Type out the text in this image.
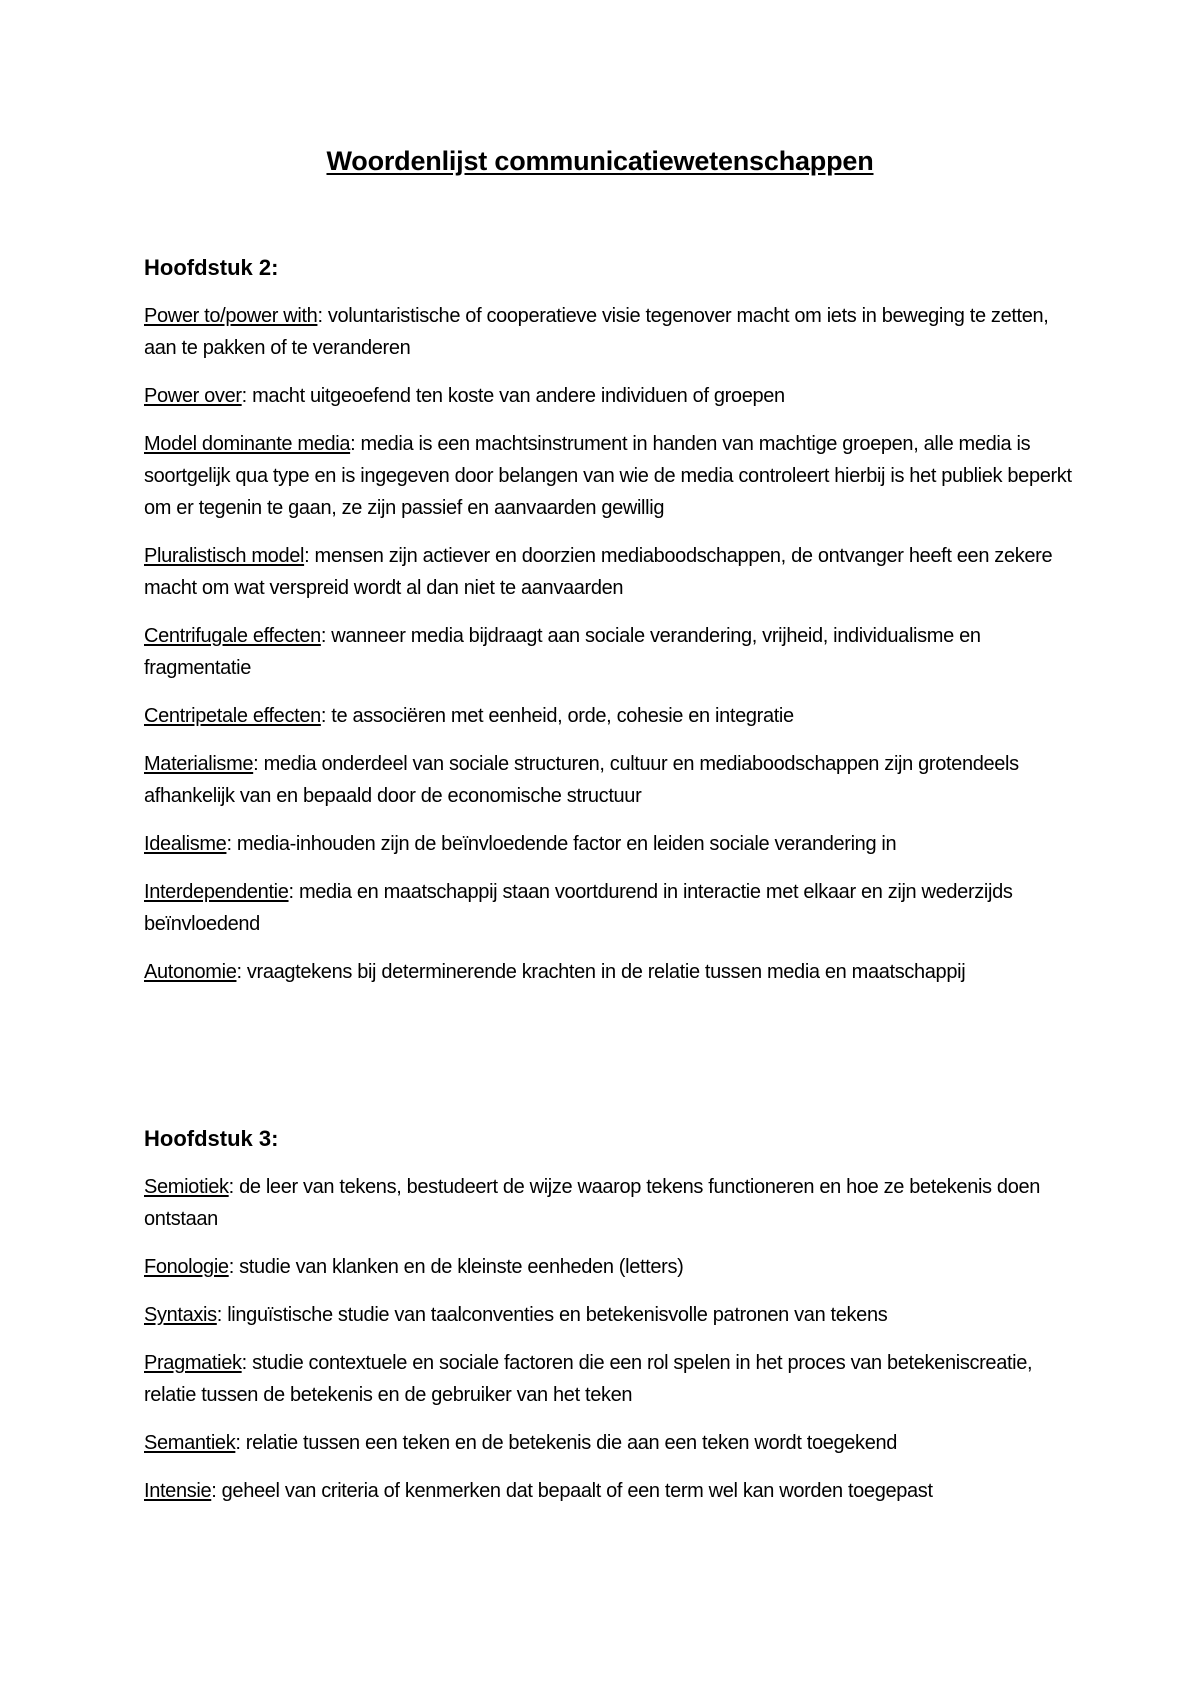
Woordenlijst communicatiewetenschappen
Hoofdstuk 2:

Power to/power with: voluntaristische of cooperatieve visie tegenover macht om iets in beweging te zetten, aan te pakken of te veranderen

Power over: macht uitgeoefend ten koste van andere individuen of groepen

Model dominante media: media is een machtsinstrument in handen van machtige groepen, alle media is soortgelijk qua type en is ingegeven door belangen van wie de media controleert hierbij is het publiek beperkt om er tegenin te gaan, ze zijn passief en aanvaarden gewillig

Pluralistisch model: mensen zijn actiever en doorzien mediaboodschappen, de ontvanger heeft een zekere macht om wat verspreid wordt al dan niet te aanvaarden

Centrifugale effecten: wanneer media bijdraagt aan sociale verandering, vrijheid, individualisme en fragmentatie

Centripetale effecten: te associëren met eenheid, orde, cohesie en integratie

Materialisme: media onderdeel van sociale structuren, cultuur en mediaboodschappen zijn grotendeels afhankelijk van en bepaald door de economische structuur

Idealisme: media-inhouden zijn de beïnvloedende factor en leiden sociale verandering in

Interdependentie: media en maatschappij staan voortdurend in interactie met elkaar en zijn wederzijds beïnvloedend

Autonomie: vraagtekens bij determinerende krachten in de relatie tussen media en maatschappij

Hoofdstuk 3:

Semiotiek: de leer van tekens, bestudeert de wijze waarop tekens functioneren en hoe ze betekenis doen ontstaan

Fonologie: studie van klanken en de kleinste eenheden (letters)

Syntaxis: linguïstische studie van taalconventies en betekenisvolle patronen van tekens

Pragmatiek: studie contextuele en sociale factoren die een rol spelen in het proces van betekeniscreatie, relatie tussen de betekenis en de gebruiker van het teken

Semantiek: relatie tussen een teken en de betekenis die aan een teken wordt toegekend

Intensie: geheel van criteria of kenmerken dat bepaalt of een term wel kan worden toegepast
